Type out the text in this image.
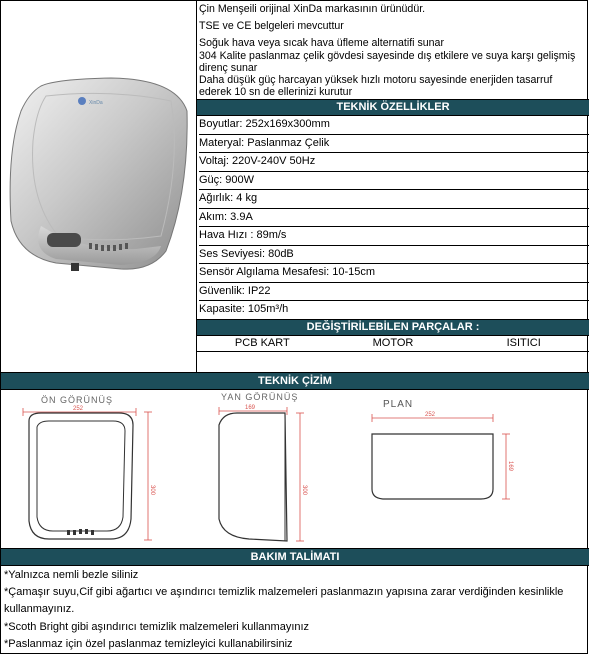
XinDa
Çin Menşeili orijinal XinDa markasının ürünüdür.
TSE ve CE belgeleri mevcuttur
Soğuk hava veya sıcak hava üfleme alternatifi sunar
304 Kalite paslanmaz çelik gövdesi sayesinde dış etkilere ve suya karşı gelişmiş direnç sunar
Daha düşük güç harcayan yüksek hızlı motoru sayesinde enerjiden tasarruf ederek 10 sn de ellerinizi kurutur
TEKNİK ÖZELLİKLER
Boyutlar: 252x169x300mm
Materyal: Paslanmaz Çelik
Voltaj: 220V-240V 50Hz
Güç: 900W
Ağırlık: 4 kg
Akım: 3.9A
Hava Hızı : 89m/s
Ses Seviyesi: 80dB
Sensör Algılama Mesafesi: 10-15cm
Güvenlik: IP22
Kapasite: 105m³/h
DEĞİŞTİRİLEBİLEN PARÇALAR :
PCB KART	MOTOR	ISITICI
TEKNİK ÇİZİM
ÖN GÖRÜNÜŞ
252
300
YAN GÖRÜNÜŞ
169
300
PLAN
252
169
BAKIM TALİMATI
*Yalnızca nemli bezle siliniz
*Çamaşır suyu,Cif gibi ağartıcı ve aşındırıcı temizlik malzemeleri paslanmazın yapısına zarar verdiğinden kesinlikle kullanmayınız.
*Scoth Bright gibi aşındırıcı temizlik malzemeleri kullanmayınız
*Paslanmaz için özel paslanmaz temizleyici kullanabilirsiniz
